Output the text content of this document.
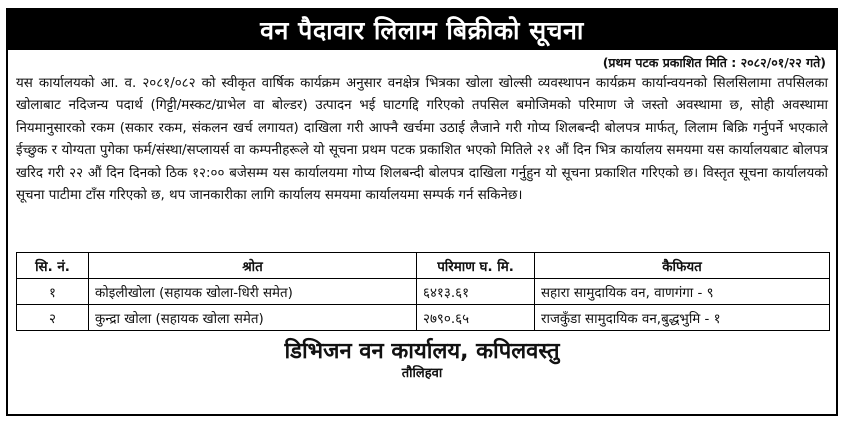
वन पैदावार लिलाम बिक्रीको सूचना
(प्रथम पटक प्रकाशित मिति : २०८२/०१/२२ गते)

यस कार्यालयको आ. व. २०८१/०८२ को स्वीकृत वार्षिक कार्यक्रम अनुसार वनक्षेत्र भित्रका खोला खोल्सी व्यवस्थापन कार्यक्रम कार्यान्वयनको सिलसिलामा तपसिलका खोलाबाट नदिजन्य पदार्थ (गिट्टी/मस्कट/ग्राभेल वा बोल्डर) उत्पादन भई घाटगद्दि गरिएको तपसिल बमोजिमको परिमाण जे जस्तो अवस्थामा छ, सोही अवस्थामा नियमानुसारको रकम (सकार रकम, संकलन खर्च लगायत) दाखिला गरी आफ्नै खर्चमा उठाई लैजाने गरी गोप्य शिलबन्दी बोलपत्र मार्फत्, लिलाम बिक्रि गर्नुपर्ने भएकाले ईच्छुक र योग्यता पुगेका फर्म/संस्था/सप्लायर्स वा कम्पनीहरूले यो सूचना प्रथम पटक प्रकाशित भएको मितिले २१ औं दिन भित्र कार्यालय समयमा यस कार्यालयबाट बोलपत्र खरिद गरी २२ औं दिन दिनको ठिक १२:०० बजेसम्म यस कार्यालयमा गोप्य शिलबन्दी बोलपत्र दाखिला गर्नुहुन यो सूचना प्रकाशित गरिएको छ। विस्तृत सूचना कार्यालयको सूचना पाटीमा टाँस गरिएको छ, थप जानकारीका लागि कार्यालय समयमा कार्यालयमा सम्पर्क गर्न सकिनेछ।

सि. नं.	श्रोत	परिमाण घ. मि.	कैफियत
१	कोइलीखोला (सहायक खोला-धिरी समेत)	६४१३.६१	सहारा सामुदायिक वन, वाणगंगा - ९
२	कुन्द्रा खोला (सहायक खोला समेत)	२७९०.६५	राजकुँडा सामुदायिक वन,बुद्धभुमि - १
डिभिजन वन कार्यालय, कपिलवस्तु
तौलिहवा
